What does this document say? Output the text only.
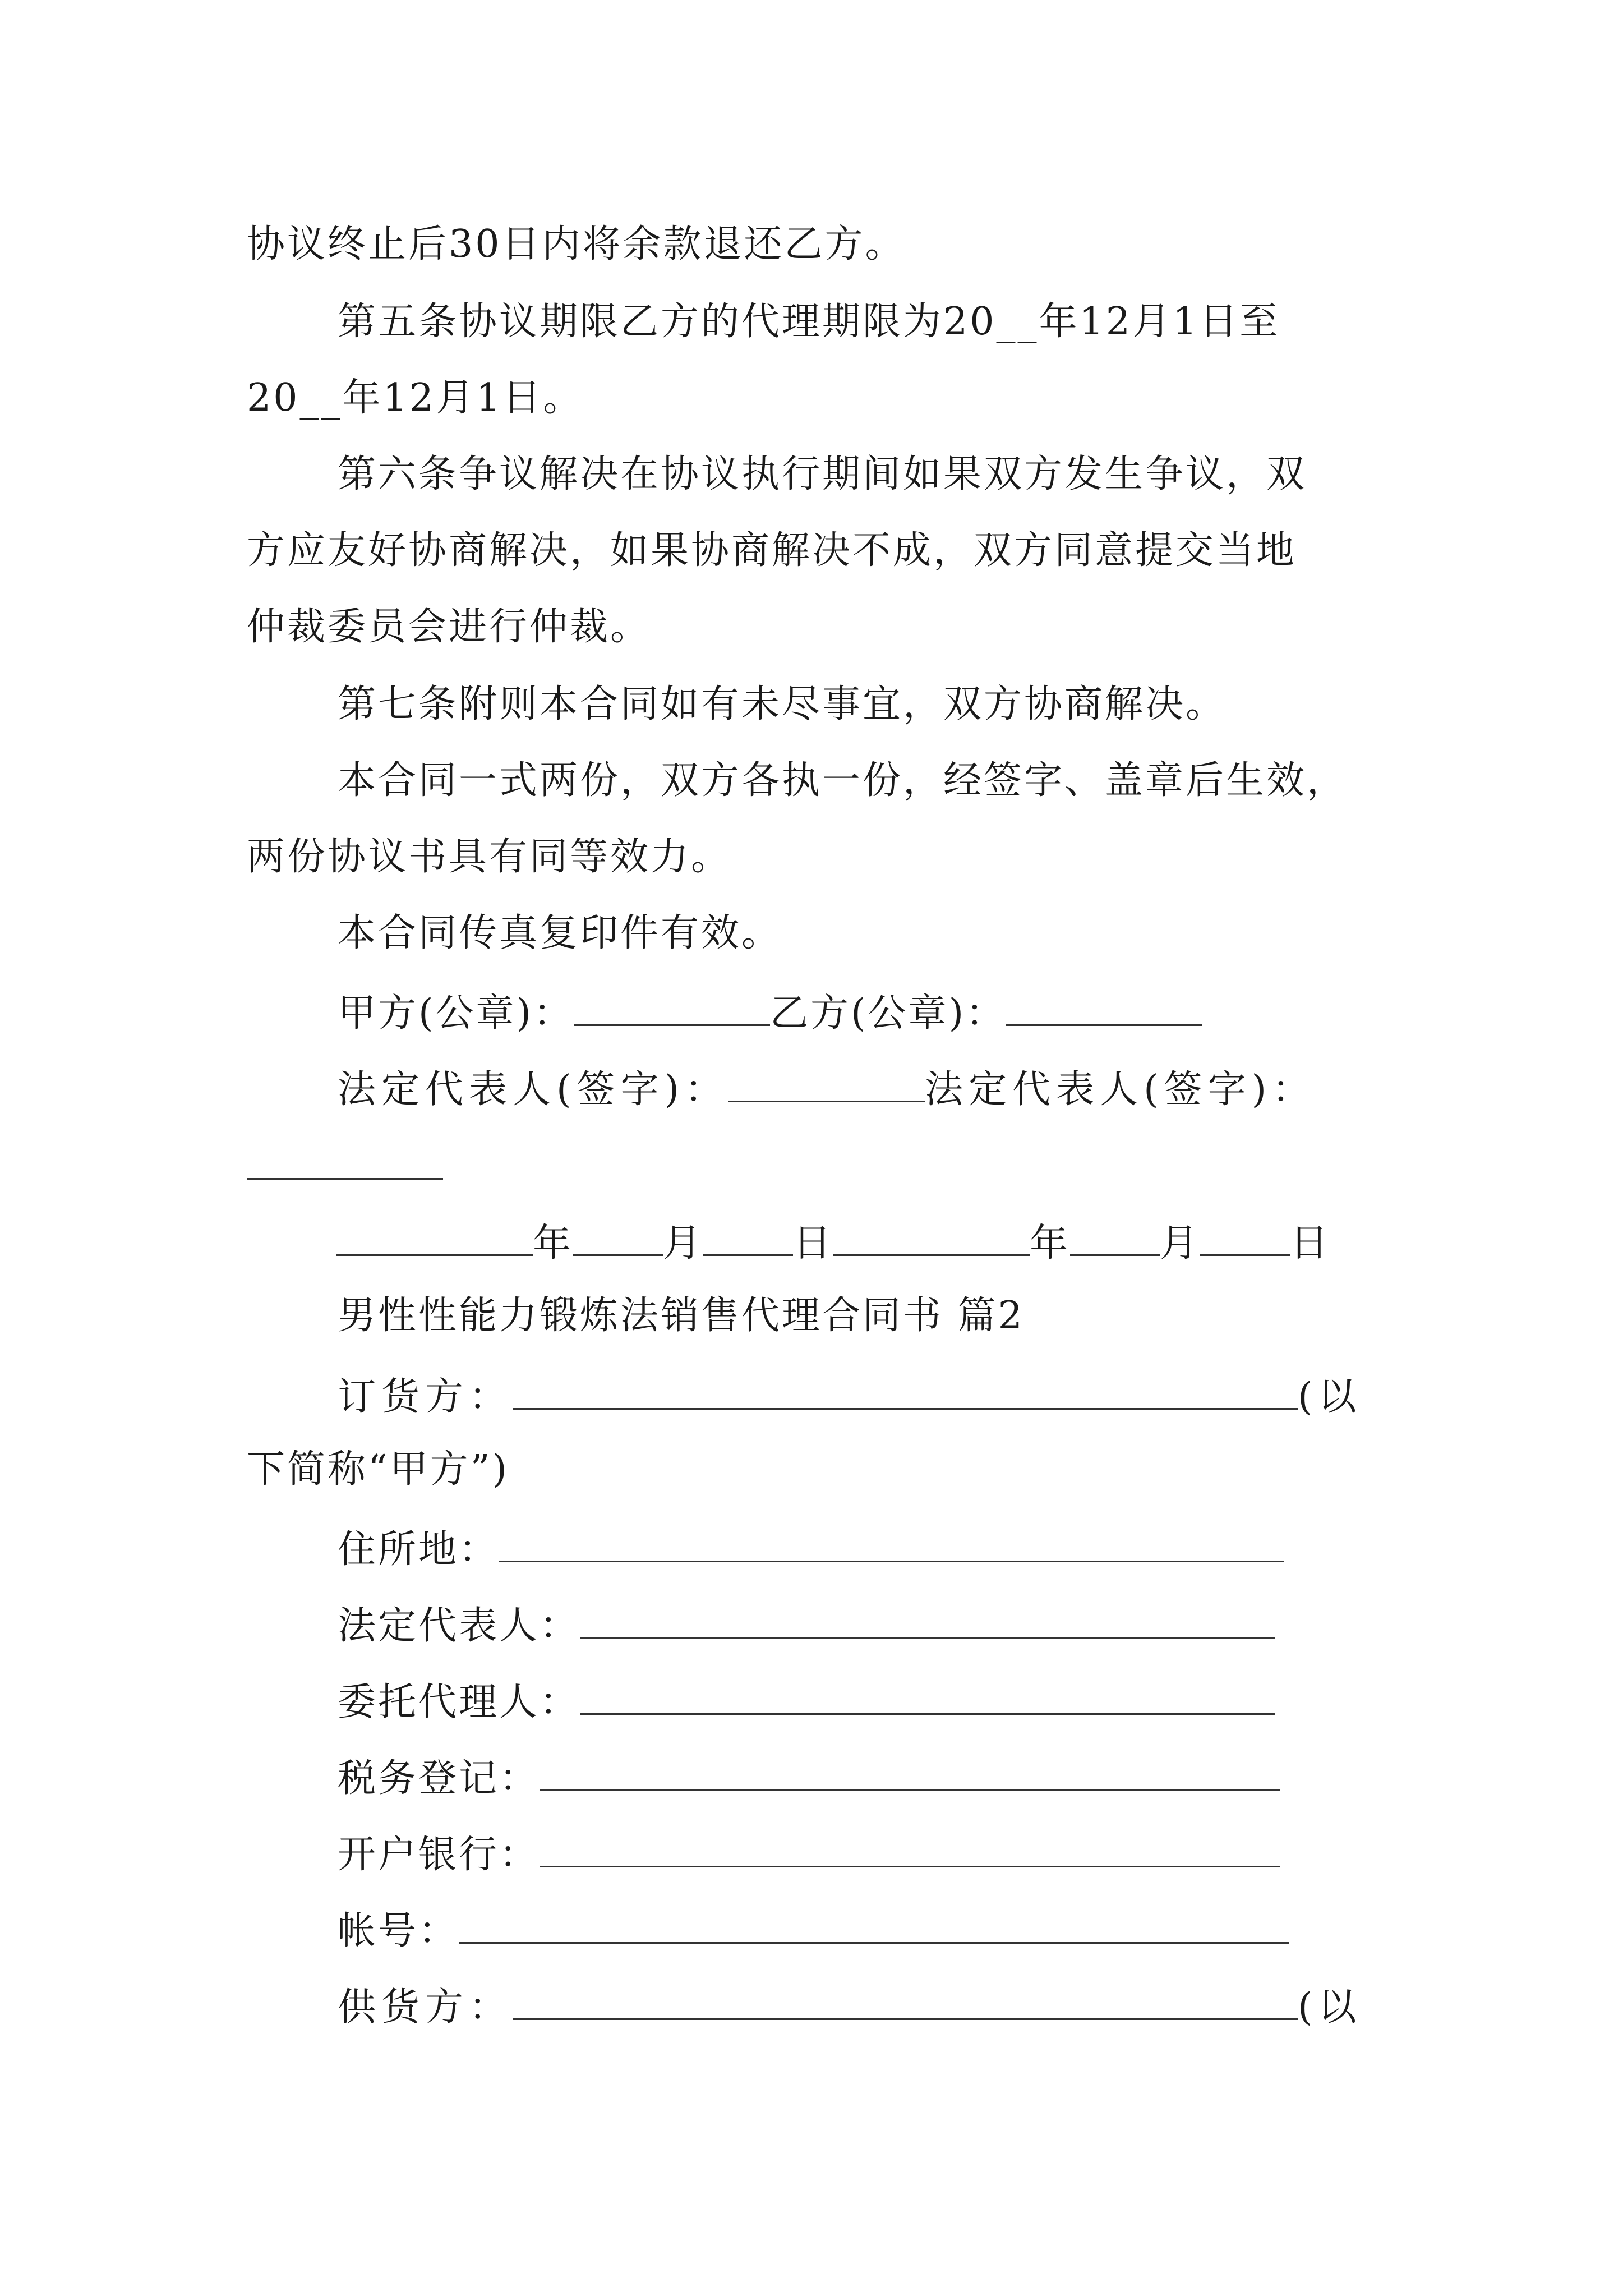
协议终止后30日内将余款退还乙方。
第五条协议期限乙方的代理期限为20__年12月1日至
20__年12月1日。
第六条争议解决在协议执行期间如果双方发生争议，双
方应友好协商解决，如果协商解决不成，双方同意提交当地
仲裁委员会进行仲裁。
第七条附则本合同如有未尽事宜，双方协商解决。
本合同一式两份，双方各执一份，经签字、盖章后生效，
两份协议书具有同等效力。
本合同传真复印件有效。
甲方(公章)：	乙方(公章)：
法定代表人(签字)：	法定代表人(签字)：
年 月 日	年 月 日
男性性能力锻炼法销售代理合同书 篇2
订货方：	(以
下简称“甲方”)
住所地：
法定代表人：
委托代理人：
税务登记：
开户银行：
帐号：
供货方：	(以
